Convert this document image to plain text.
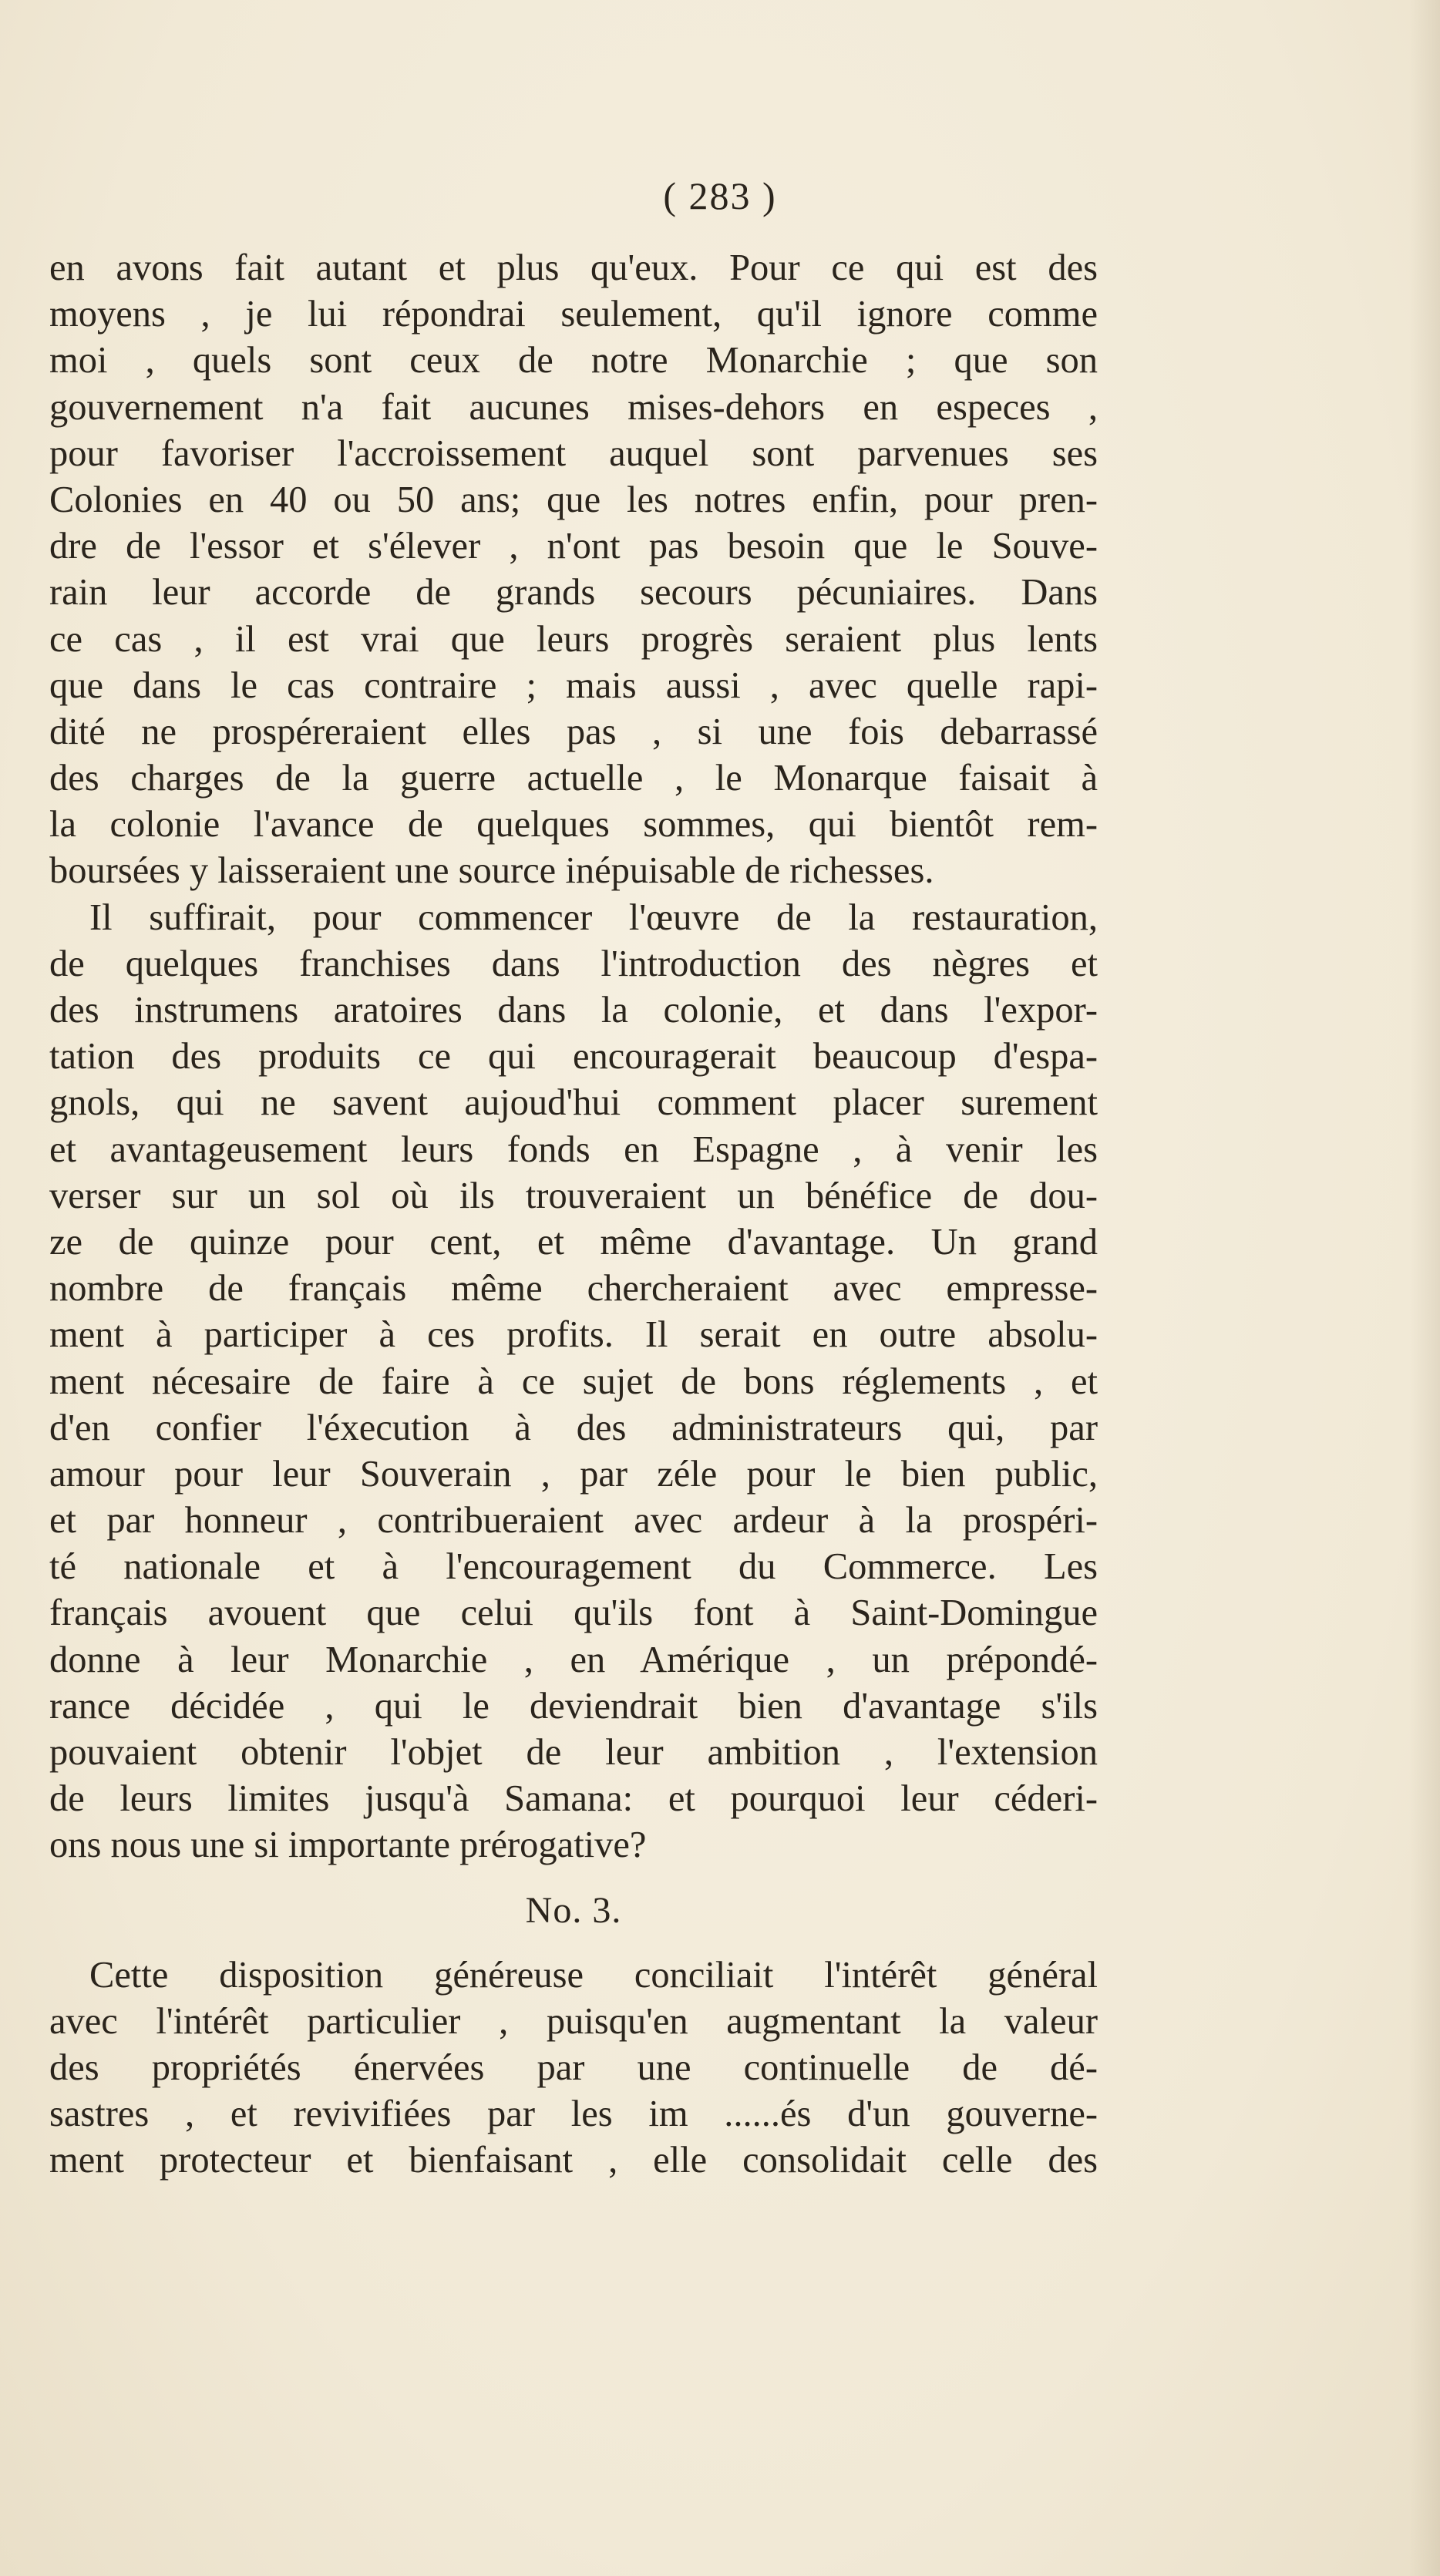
( 283 )
en avons fait autant et plus qu'eux. Pour ce qui est des
moyens , je lui répondrai seulement, qu'il ignore comme
moi , quels sont ceux de notre Monarchie ; que son
gouvernement n'a fait aucunes mises-dehors en especes ,
pour favoriser l'accroissement auquel sont parvenues ses
Colonies en 40 ou 50 ans; que les notres enfin, pour pren-
dre de l'essor et s'élever , n'ont pas besoin que le Souve-
rain leur accorde de grands secours pécuniaires. Dans
ce cas , il est vrai que leurs progrès seraient plus lents
que dans le cas contraire ; mais aussi , avec quelle rapi-
dité ne prospéreraient elles pas , si une fois debarrassé
des charges de la guerre actuelle , le Monarque faisait à
la colonie l'avance de quelques sommes, qui bientôt rem-
boursées y laisseraient une source inépuisable de richesses.
Il suffirait, pour commencer l'œuvre de la restauration,
de quelques franchises dans l'introduction des nègres et
des instrumens aratoires dans la colonie, et dans l'expor-
tation des produits ce qui encouragerait beaucoup d'espa-
gnols, qui ne savent aujoud'hui comment placer surement
et avantageusement leurs fonds en Espagne , à venir les
verser sur un sol où ils trouveraient un bénéfice de dou-
ze de quinze pour cent, et même d'avantage. Un grand
nombre de français même chercheraient avec empresse-
ment à participer à ces profits. Il serait en outre absolu-
ment nécesaire de faire à ce sujet de bons réglements , et
d'en confier l'éxecution à des administrateurs qui, par
amour pour leur Souverain , par zéle pour le bien public,
et par honneur , contribueraient avec ardeur à la prospéri-
té nationale et à l'encouragement du Commerce. Les
français avouent que celui qu'ils font à Saint-Domingue
donne à leur Monarchie , en Amérique , un prépondé-
rance décidée , qui le deviendrait bien d'avantage s'ils
pouvaient obtenir l'objet de leur ambition , l'extension
de leurs limites jusqu'à Samana: et pourquoi leur céderi-
ons nous une si importante prérogative?
No. 3.
Cette disposition généreuse conciliait l'intérêt général
avec l'intérêt particulier , puisqu'en augmentant la valeur
des propriétés énervées par une continuelle de dé-
sastres , et revivifiées par les im ......és d'un gouverne-
ment protecteur et bienfaisant , elle consolidait celle des
